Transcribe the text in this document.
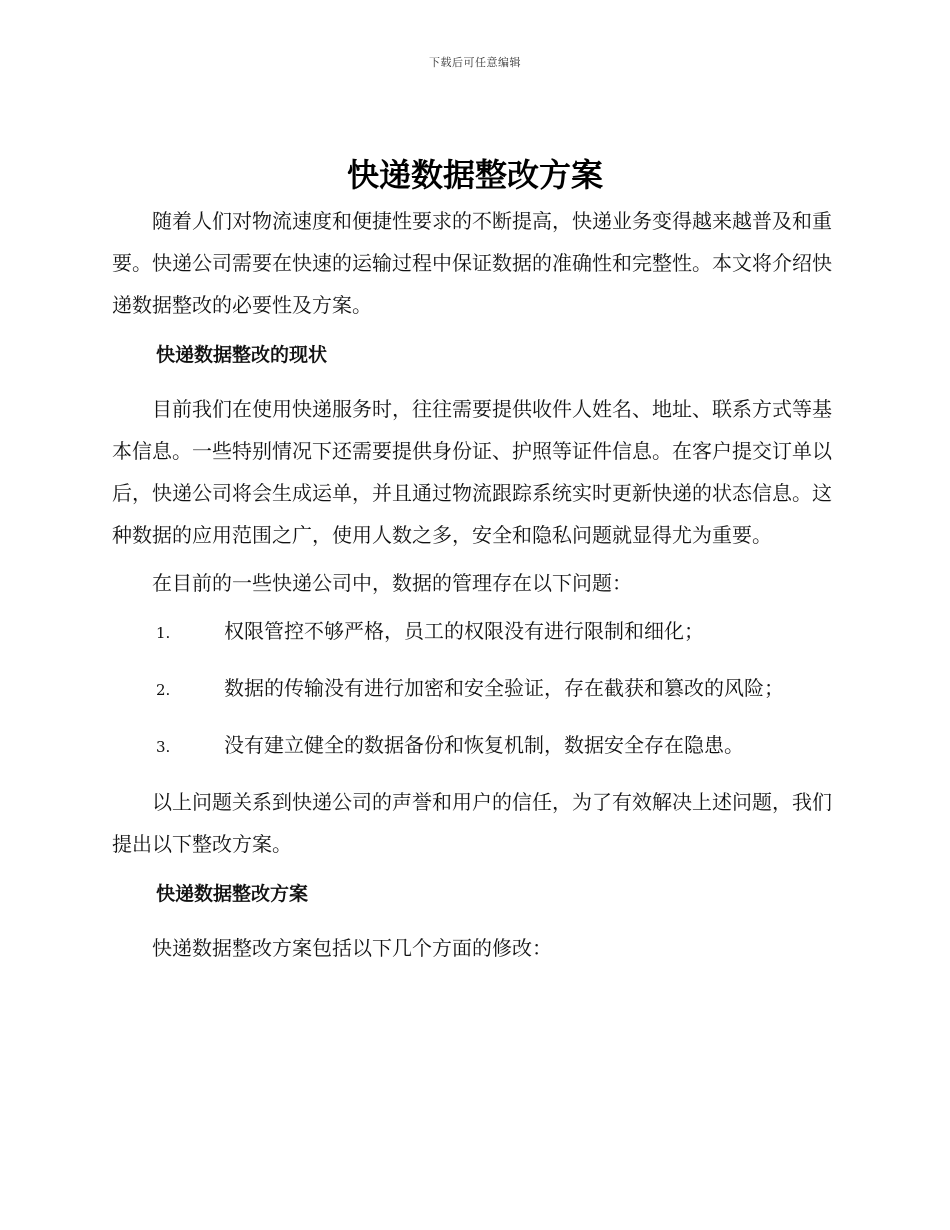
下载后可任意编辑
快递数据整改方案

随着人们对物流速度和便捷性要求的不断提高，快递业务变得越来越普及和重要。快递公司需要在快速的运输过程中保证数据的准确性和完整性。本文将介绍快递数据整改的必要性及方案。

快递数据整改的现状

目前我们在使用快递服务时，往往需要提供收件人姓名、地址、联系方式等基本信息。一些特别情况下还需要提供身份证、护照等证件信息。在客户提交订单以后，快递公司将会生成运单，并且通过物流跟踪系统实时更新快递的状态信息。这种数据的应用范围之广，使用人数之多，安全和隐私问题就显得尤为重要。

在目前的一些快递公司中，数据的管理存在以下问题：

1.	权限管控不够严格，员工的权限没有进行限制和细化；
2.	数据的传输没有进行加密和安全验证，存在截获和篡改的风险；
3.	没有建立健全的数据备份和恢复机制，数据安全存在隐患。

以上问题关系到快递公司的声誉和用户的信任，为了有效解决上述问题，我们提出以下整改方案。

快递数据整改方案

快递数据整改方案包括以下几个方面的修改：
